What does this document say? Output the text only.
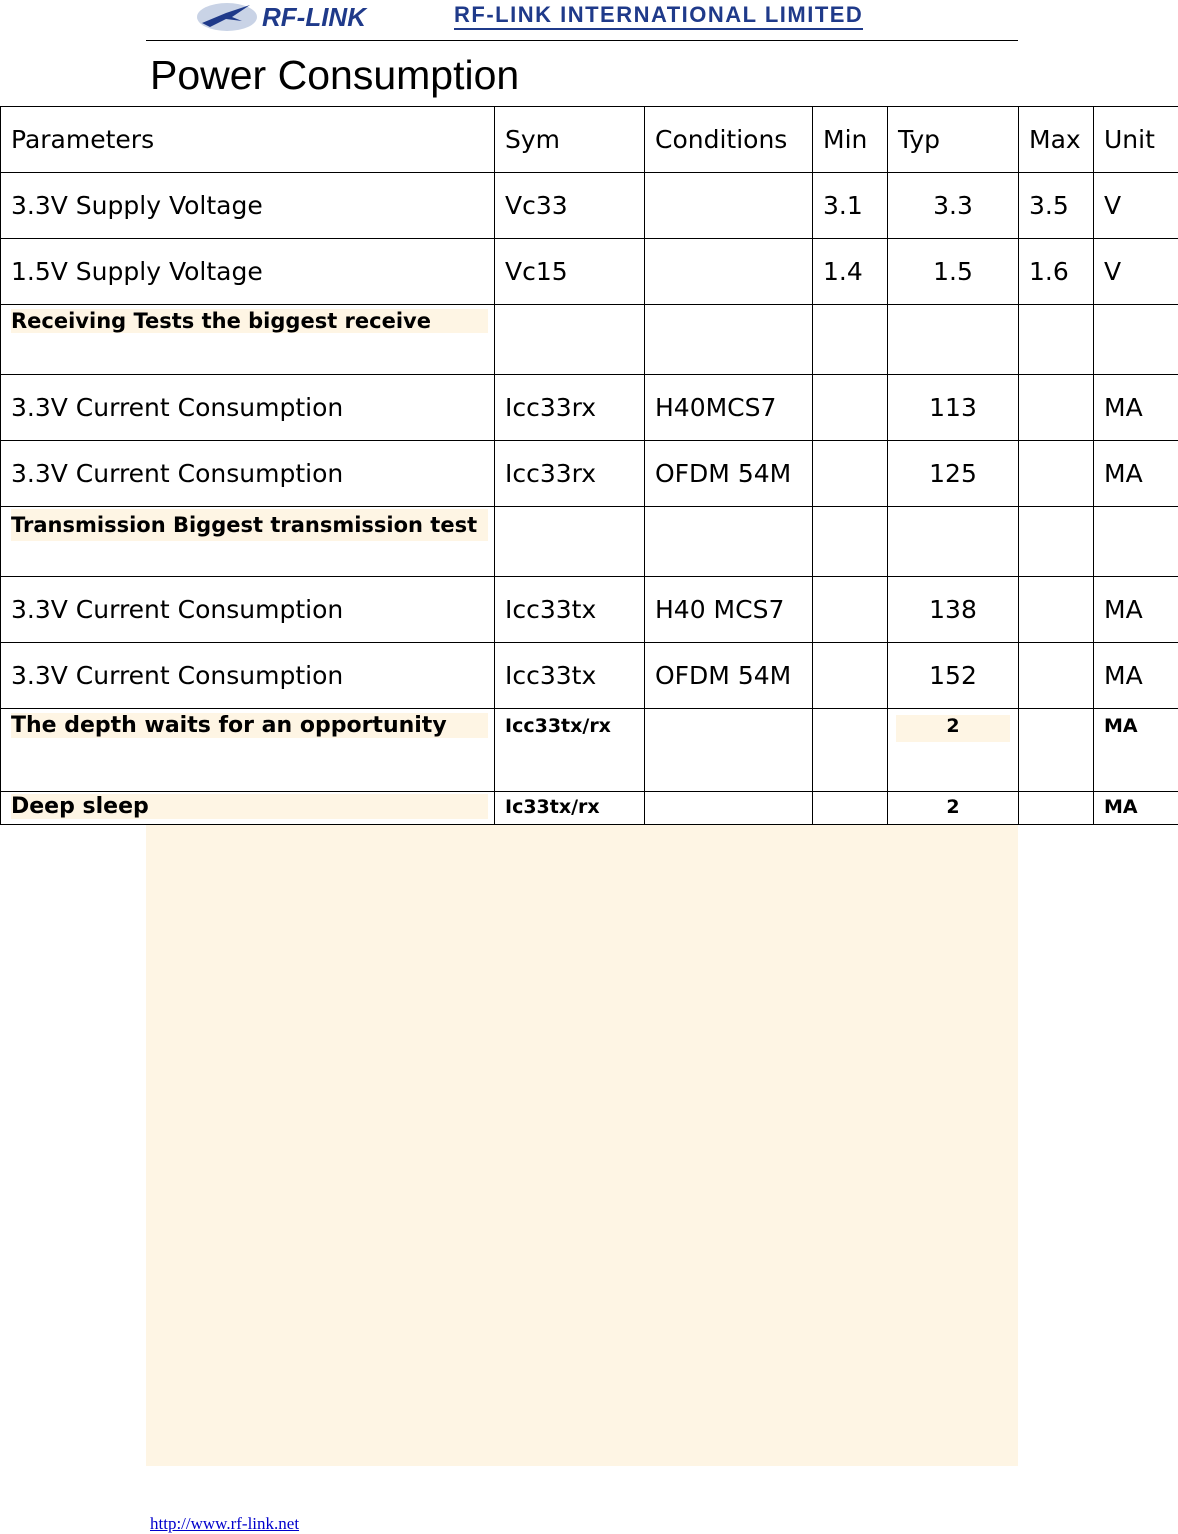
RF-LINK	RF-LINK INTERNATIONAL LIMITED
Power Consumption
Parameters	Sym	Conditions	Min	Typ	Max	Unit
3.3V Supply Voltage	Vc33		3.1	3.3	3.5	V
1.5V Supply Voltage	Vc15		1.4	1.5	1.6	V

Receiving Tests the biggest receive						

3.3V Current Consumption	Icc33rx	H40MCS7		113		MA
3.3V Current Consumption	Icc33rx	OFDM 54M		125		MA

Transmission Biggest transmission test						

3.3V Current Consumption	Icc33tx	H40 MCS7		138		MA
3.3V Current Consumption	Icc33tx	OFDM 54M		152		MA

The depth waits for an opportunity	Icc33tx/rx			2		MA

Deep sleep	Ic33tx/rx			2		MA
http://www.rf-link.net
